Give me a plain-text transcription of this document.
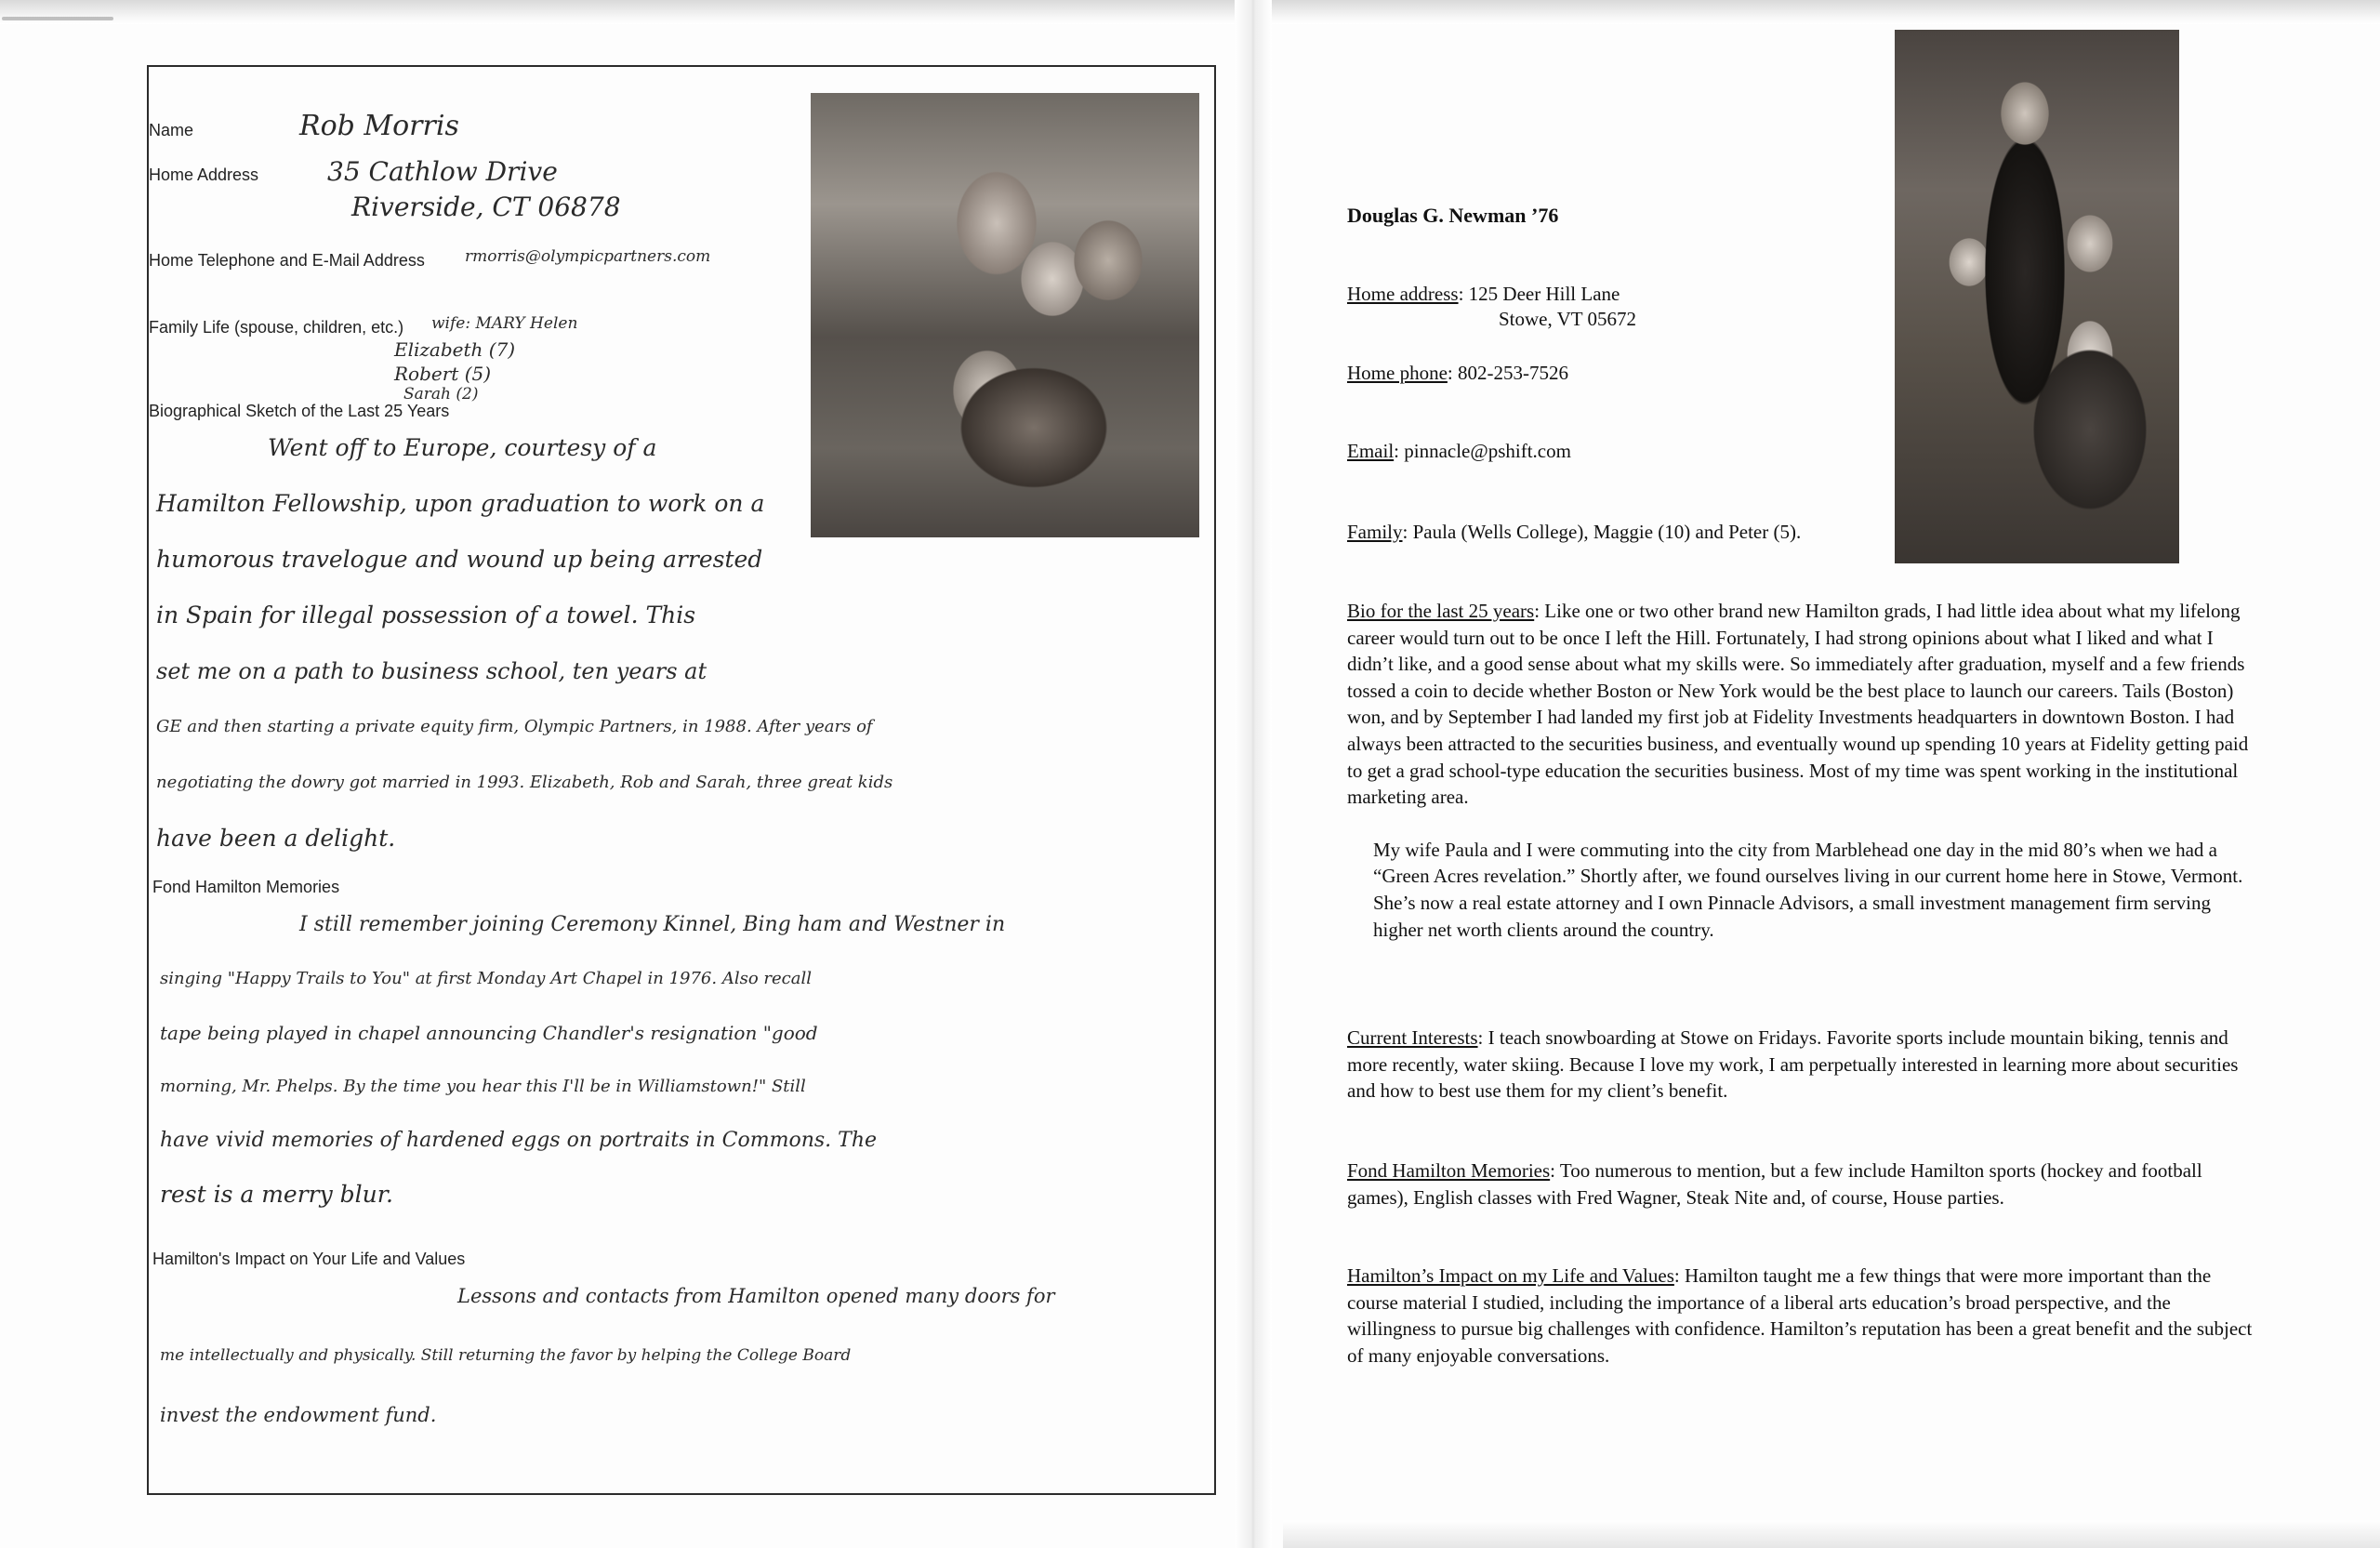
Name	Rob Morris
Home Address	35 Cathlow Drive
Riverside, CT 06878
Home Telephone and E-Mail Address	rmorris@olympicpartners.com
Family Life (spouse, children, etc.) wife: MARY Helen
Elizabeth (7)
Robert (5)
Sarah (2)
Biographical Sketch of the Last 25 Years
Went off to Europe, courtesy of a
Hamilton Fellowship, upon graduation to work on a
humorous travelogue and wound up being arrested
in Spain for illegal possession of a towel. This
set me on a path to business school, ten years at
GE and then starting a private equity firm, Olympic Partners, in 1988. After years of
negotiating the dowry got married in 1993. Elizabeth, Rob and Sarah, three great kids
have been a delight.
Fond Hamilton Memories
I still remember joining Ceremony Kinnel, Bing ham and Westner in
singing "Happy Trails to You" at first Monday Art Chapel in 1976. Also recall
tape being played in chapel announcing Chandler's resignation "good
morning, Mr. Phelps. By the time you hear this I'll be in Williamstown!" Still
have vivid memories of hardened eggs on portraits in Commons. The
rest is a merry blur.
Hamilton's Impact on Your Life and Values
Lessons and contacts from Hamilton opened many doors for
me intellectually and physically. Still returning the favor by helping the College Board
invest the endowment fund.
Douglas G. Newman ’76
Home address: 125 Deer Hill Lane
Stowe, VT 05672
Home phone: 802-253-7526
Email: pinnacle@pshift.com
Family: Paula (Wells College), Maggie (10) and Peter (5).

Bio for the last 25 years: Like one or two other brand new Hamilton grads, I had little idea about what my lifelong career would turn out to be once I left the Hill. Fortunately, I had strong opinions about what I liked and what I didn’t like, and a good sense about what my skills were. So immediately after graduation, myself and a few friends tossed a coin to decide whether Boston or New York would be the best place to launch our careers. Tails (Boston) won, and by September I had landed my first job at Fidelity Investments headquarters in downtown Boston. I had always been attracted to the securities business, and eventually wound up spending 10 years at Fidelity getting paid to get a grad school-type education the securities business. Most of my time was spent working in the institutional marketing area.

My wife Paula and I were commuting into the city from Marblehead one day in the mid 80’s when we had a “Green Acres revelation.” Shortly after, we found ourselves living in our current home here in Stowe, Vermont. She’s now a real estate attorney and I own Pinnacle Advisors, a small investment management firm serving higher net worth clients around the country.

Current Interests: I teach snowboarding at Stowe on Fridays. Favorite sports include mountain biking, tennis and more recently, water skiing. Because I love my work, I am perpetually interested in learning more about securities and how to best use them for my client’s benefit.

Fond Hamilton Memories: Too numerous to mention, but a few include Hamilton sports (hockey and football games), English classes with Fred Wagner, Steak Nite and, of course, House parties.

Hamilton’s Impact on my Life and Values: Hamilton taught me a few things that were more important than the course material I studied, including the importance of a liberal arts education’s broad perspective, and the willingness to pursue big challenges with confidence. Hamilton’s reputation has been a great benefit and the subject of many enjoyable conversations.
